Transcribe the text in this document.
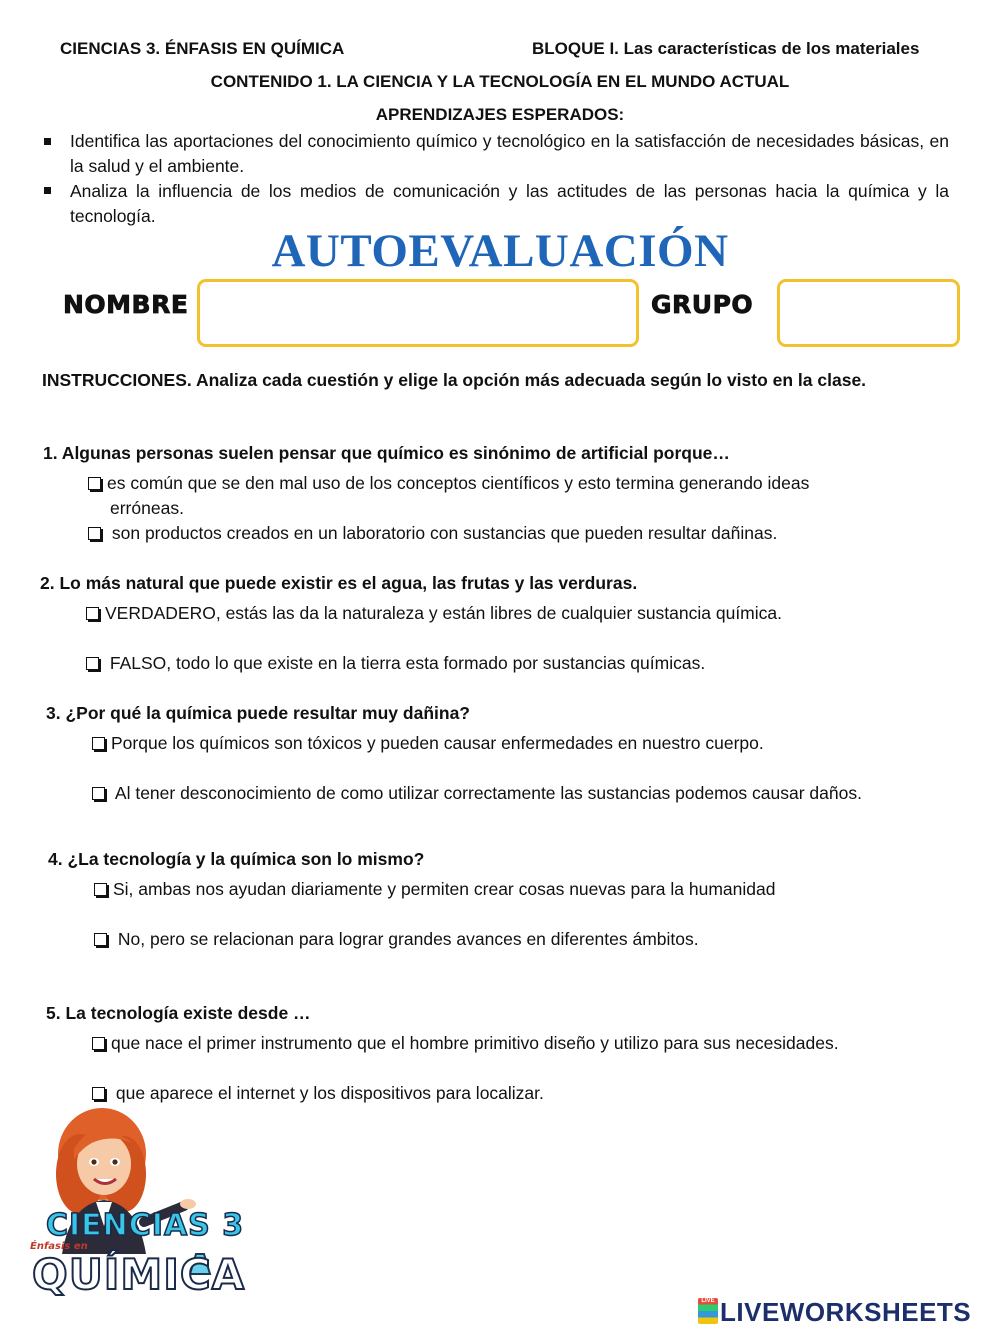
CIENCIAS 3. ÉNFASIS EN QUÍMICA	BLOQUE I. Las características de los materiales
CONTENIDO 1. LA CIENCIA Y LA TECNOLOGÍA EN EL MUNDO ACTUAL
APRENDIZAJES ESPERADOS:
Identifica las aportaciones del conocimiento químico y tecnológico en la satisfacción de necesidades básicas, en la salud y el ambiente.
Analiza la influencia de los medios de comunicación y las actitudes de las personas hacia la química y la tecnología.
AUTOEVALUACIÓN
NOMBRE	GRUPO
INSTRUCCIONES. Analiza cada cuestión y elige la opción más adecuada según lo visto en la clase.
1. Algunas personas suelen pensar que químico es sinónimo de artificial porque…
es común que se den mal uso de los conceptos científicos y esto termina generando ideas
erróneas.
son productos creados en un laboratorio con sustancias que pueden resultar dañinas.
2. Lo más natural que puede existir es el agua, las frutas y las verduras.
VERDADERO, estás las da la naturaleza y están libres de cualquier sustancia química.
FALSO, todo lo que existe en la tierra esta formado por sustancias químicas.
3. ¿Por qué la química puede resultar muy dañina?
Porque los químicos son tóxicos y pueden causar enfermedades en nuestro cuerpo.
Al tener desconocimiento de como utilizar correctamente las sustancias podemos causar daños.
4. ¿La tecnología y la química son lo mismo?
Si, ambas nos ayudan diariamente y permiten crear cosas nuevas para la humanidad
No, pero se relacionan para lograr grandes avances en diferentes ámbitos.
5. La tecnología existe desde …
que nace el primer instrumento que el hombre primitivo diseño y utilizo para sus necesidades.
que aparece el internet y los dispositivos para localizar.
CIENCIAS 3
Énfasis en
QUÍMICA
LIVE LIVEWORKSHEETS
